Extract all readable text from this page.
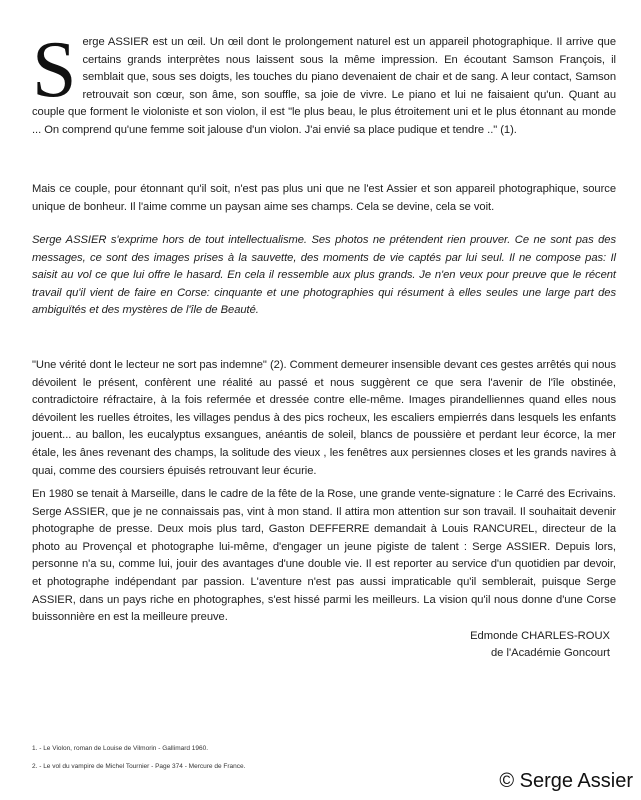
Serge ASSIER est un œil. Un œil dont le prolongement naturel est un appareil photographique. Il arrive que certains grands interprètes nous laissent sous la même impression. En écoutant Samson François, il semblait que, sous ses doigts, les touches du piano devenaient de chair et de sang. A leur contact, Samson retrouvait son cœur, son âme, son souffle, sa joie de vivre. Le piano et lui ne faisaient qu'un. Quant au couple que forment le violoniste et son violon, il est "le plus beau, le plus étroitement uni et le plus étonnant au monde ... On comprend qu'une femme soit jalouse d'un violon. J'ai envié sa place pudique et tendre .." (1).

Mais ce couple, pour étonnant qu'il soit, n'est pas plus uni que ne l'est Assier et son appareil photographique, source unique de bonheur. Il l'aime comme un paysan aime ses champs. Cela se devine, cela se voit.

Serge ASSIER s'exprime hors de tout intellectualisme. Ses photos ne prétendent rien prouver. Ce ne sont pas des messages, ce sont des images prises à la sauvette, des moments de vie captés par lui seul. Il ne compose pas: Il saisit au vol ce que lui offre le hasard. En cela il ressemble aux plus grands. Je n'en veux pour preuve que le récent travail qu'il vient de faire en Corse: cinquante et une photographies qui résument à elles seules une large part des ambiguïtés et des mystères de l'île de Beauté.

"Une vérité dont le lecteur ne sort pas indemne" (2). Comment demeurer insensible devant ces gestes arrêtés qui nous dévoilent le présent, confèrent une réalité au passé et nous suggèrent ce que sera l'avenir de l'île obstinée, contradictoire réfractaire, à la fois refermée et dressée contre elle-même. Images pirandelliennes quand elles nous dévoilent les ruelles étroites, les villages pendus à des pics rocheux, les escaliers empierrés dans lesquels les enfants jouent... au ballon, les eucalyptus exsangues, anéantis de soleil, blancs de poussière et perdant leur écorce, la mer étale, les ânes revenant des champs, la solitude des vieux , les fenêtres aux persiennes closes et les grands navires à quai, comme des coursiers épuisés retrouvant leur écurie.

En 1980 se tenait à Marseille, dans le cadre de la fête de la Rose, une grande vente-signature : le Carré des Ecrivains. Serge ASSIER, que je ne connaissais pas, vint à mon stand. Il attira mon attention sur son travail. Il souhaitait devenir photographe de presse. Deux mois plus tard, Gaston DEFFERRE demandait à Louis RANCUREL, directeur de la photo au Provençal et photographe lui-même, d'engager un jeune pigiste de talent : Serge ASSIER. Depuis lors, personne n'a su, comme lui, jouir des avantages d'une double vie. Il est reporter au service d'un quotidien par devoir, et photographe indépendant par passion. L'aventure n'est pas aussi impraticable qu'il semblerait, puisque Serge ASSIER, dans un pays riche en photographes, s'est hissé parmi les meilleurs. La vision qu'il nous donne d'une Corse buissonnière en est la meilleure preuve.

Edmonde CHARLES-ROUX
de l'Académie Goncourt
1. - Le Violon, roman de Louise de Vilmorin - Gallimard 1960.
2. - Le vol du vampire de Michel Tournier - Page 374 - Mercure de France.
© Serge Assier
